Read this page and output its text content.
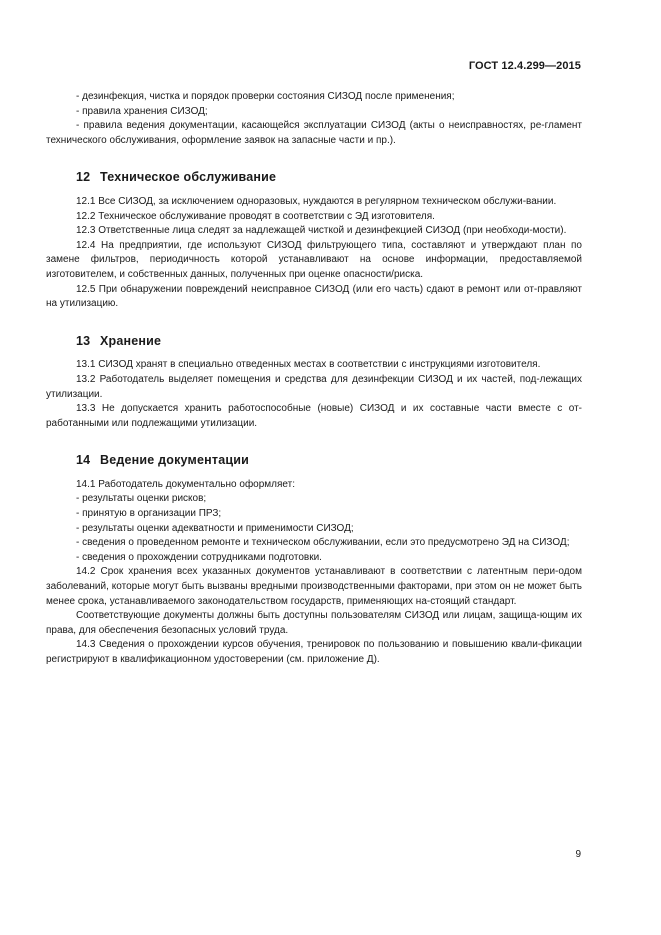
ГОСТ 12.4.299—2015

- дезинфекция, чистка и порядок проверки состояния СИЗОД после применения;

- правила хранения СИЗОД;

- правила ведения документации, касающейся эксплуатации СИЗОД (акты о неисправностях, ре-гламент технического обслуживания, оформление заявок на запасные части и пр.).

12 Техническое обслуживание

12.1 Все СИЗОД, за исключением одноразовых, нуждаются в регулярном техническом обслужи-вании.

12.2 Техническое обслуживание проводят в соответствии с ЭД изготовителя.

12.3 Ответственные лица следят за надлежащей чисткой и дезинфекцией СИЗОД (при необходи-мости).

12.4 На предприятии, где используют СИЗОД фильтрующего типа, составляют и утверждают план по замене фильтров, периодичность которой устанавливают на основе информации, предоставляемой изготовителем, и собственных данных, полученных при оценке опасности/риска.

12.5 При обнаружении повреждений неисправное СИЗОД (или его часть) сдают в ремонт или от-правляют на утилизацию.

13 Хранение

13.1 СИЗОД хранят в специально отведенных местах в соответствии с инструкциями изготовителя.

13.2 Работодатель выделяет помещения и средства для дезинфекции СИЗОД и их частей, под-лежащих утилизации.

13.3 Не допускается хранить работоспособные (новые) СИЗОД и их составные части вместе с от-работанными или подлежащими утилизации.

14 Ведение документации

14.1 Работодатель документально оформляет:

- результаты оценки рисков;

- принятую в организации ПРЗ;

- результаты оценки адекватности и применимости СИЗОД;

- сведения о проведенном ремонте и техническом обслуживании, если это предусмотрено ЭД на СИЗОД;

- сведения о прохождении сотрудниками подготовки.

14.2 Срок хранения всех указанных документов устанавливают в соответствии с латентным пери-одом заболеваний, которые могут быть вызваны вредными производственными факторами, при этом он не может быть менее срока, устанавливаемого законодательством государств, применяющих на-стоящий стандарт.

Соответствующие документы должны быть доступны пользователям СИЗОД или лицам, защища-ющим их права, для обеспечения безопасных условий труда.

14.3 Сведения о прохождении курсов обучения, тренировок по пользованию и повышению квали-фикации регистрируют в квалификационном удостоверении (см. приложение Д).

9
